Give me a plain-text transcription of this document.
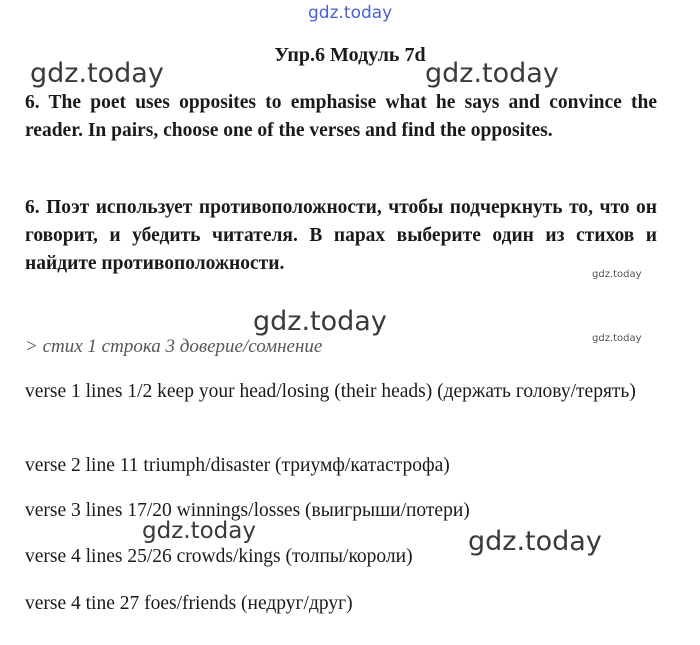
gdz.today
gdz.today	gdz.today
gdz.today
gdz.today
gdz.today
gdz.today	gdz.today
Упр.6 Модуль 7d
6. The poet uses opposites to emphasise what he says and convince the reader. In pairs, choose one of the verses and find the opposites.
6. Поэт использует противоположности, чтобы подчеркнуть то, что он говорит, и убедить читателя. В парах выберите один из стихов и найдите противоположности.
> стих 1 строка 3 доверие/сомнение
verse 1 lines 1/2 keep your head/losing (their heads) (держать голову/терять)
verse 2 line 11 triumph/disaster (триумф/катастрофа)
verse 3 lines 17/20 winnings/losses (выигрыши/потери)
verse 4 lines 25/26 crowds/kings (толпы/короли)
verse 4 tine 27 foes/friends (недруг/друг)
